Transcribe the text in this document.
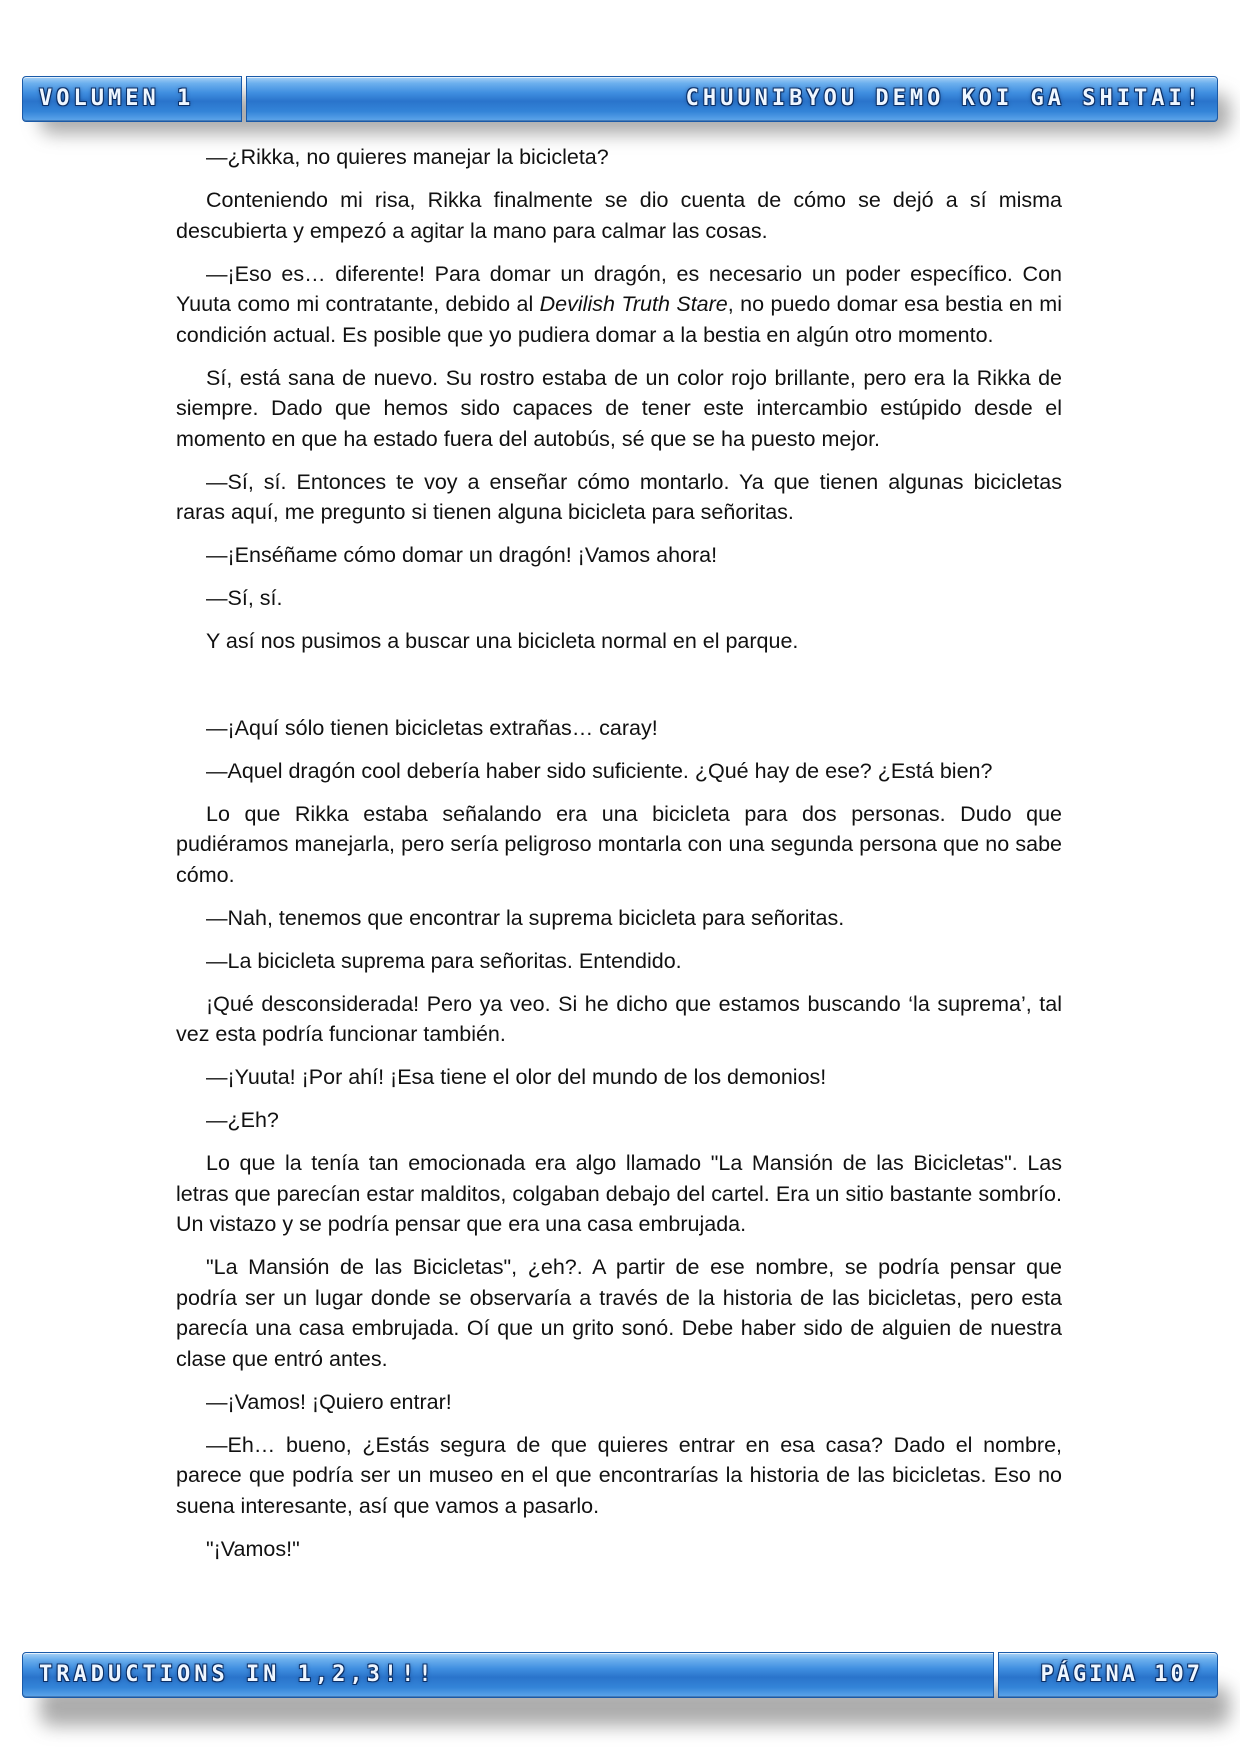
VOLUMEN 1	CHUUNIBYOU DEMO KOI GA SHITAI!

—¿Rikka, no quieres manejar la bicicleta?

Conteniendo mi risa, Rikka finalmente se dio cuenta de cómo se dejó a sí misma descubierta y empezó a agitar la mano para calmar las cosas.

—¡Eso es… diferente! Para domar un dragón, es necesario un poder específico. Con Yuuta como mi contratante, debido al Devilish Truth Stare, no puedo domar esa bestia en mi condición actual. Es posible que yo pudiera domar a la bestia en algún otro momento.

Sí, está sana de nuevo. Su rostro estaba de un color rojo brillante, pero era la Rikka de siempre. Dado que hemos sido capaces de tener este intercambio estúpido desde el momento en que ha estado fuera del autobús, sé que se ha puesto mejor.

—Sí, sí. Entonces te voy a enseñar cómo montarlo. Ya que tienen algunas bicicletas raras aquí, me pregunto si tienen alguna bicicleta para señoritas.

—¡Enséñame cómo domar un dragón! ¡Vamos ahora!

—Sí, sí.

Y así nos pusimos a buscar una bicicleta normal en el parque.

—¡Aquí sólo tienen bicicletas extrañas… caray!

—Aquel dragón cool debería haber sido suficiente. ¿Qué hay de ese? ¿Está bien?

Lo que Rikka estaba señalando era una bicicleta para dos personas. Dudo que pudiéramos manejarla, pero sería peligroso montarla con una segunda persona que no sabe cómo.

—Nah, tenemos que encontrar la suprema bicicleta para señoritas.

—La bicicleta suprema para señoritas. Entendido.

¡Qué desconsiderada! Pero ya veo. Si he dicho que estamos buscando ‘la suprema’, tal vez esta podría funcionar también.

—¡Yuuta! ¡Por ahí! ¡Esa tiene el olor del mundo de los demonios!

—¿Eh?

Lo que la tenía tan emocionada era algo llamado "La Mansión de las Bicicletas". Las letras que parecían estar malditos, colgaban debajo del cartel. Era un sitio bastante sombrío. Un vistazo y se podría pensar que era una casa embrujada.

"La Mansión de las Bicicletas", ¿eh?. A partir de ese nombre, se podría pensar que podría ser un lugar donde se observaría a través de la historia de las bicicletas, pero esta parecía una casa embrujada. Oí que un grito sonó. Debe haber sido de alguien de nuestra clase que entró antes.

—¡Vamos! ¡Quiero entrar!

—Eh… bueno, ¿Estás segura de que quieres entrar en esa casa? Dado el nombre, parece que podría ser un museo en el que encontrarías la historia de las bicicletas. Eso no suena interesante, así que vamos a pasarlo.

"¡Vamos!"

TRADUCTIONS IN 1,2,3!!!	PÁGINA 107
